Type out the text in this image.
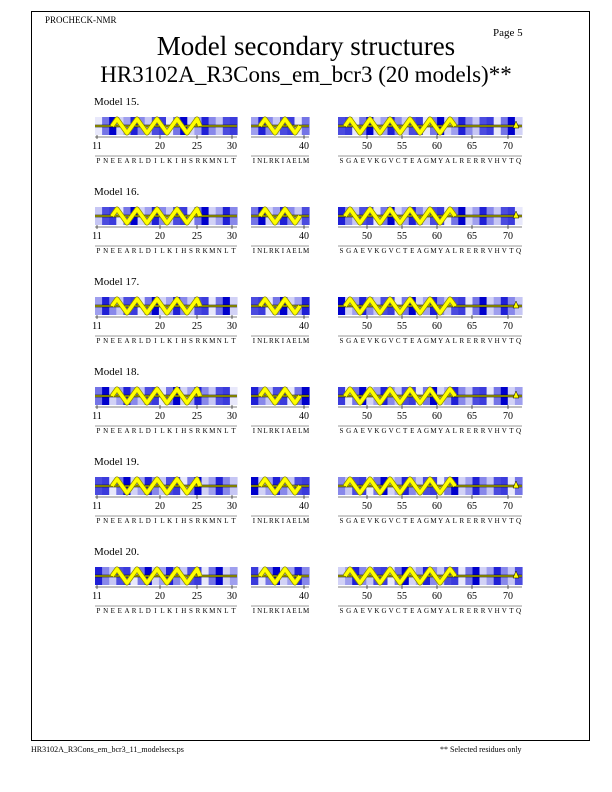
PROCHECK-NMR
Page 5
Model secondary structures
HR3102A_R3Cons_em_bcr3 (20 models)**
Model 15.
11	20	25	30
P N E E A R L D I L K I H S R K M N L T
40
I N L R K I A E L M
50	55	60	65	70
S G A E V K G V C T E A G M Y A L R E R R V H V T Q
Model 16.
11	20	25	30
P N E E A R L D I L K I H S R K M N L T
40
I N L R K I A E L M
50	55	60	65	70
S G A E V K G V C T E A G M Y A L R E R R V H V T Q
Model 17.
11	20	25	30
P N E E A R L D I L K I H S R K M N L T
40
I N L R K I A E L M
50	55	60	65	70
S G A E V K G V C T E A G M Y A L R E R R V H V T Q
Model 18.
11	20	25	30
P N E E A R L D I L K I H S R K M N L T
40
I N L R K I A E L M
50	55	60	65	70
S G A E V K G V C T E A G M Y A L R E R R V H V T Q
Model 19.
11	20	25	30
P N E E A R L D I L K I H S R K M N L T
40
I N L R K I A E L M
50	55	60	65	70
S G A E V K G V C T E A G M Y A L R E R R V H V T Q
Model 20.
11	20	25	30
P N E E A R L D I L K I H S R K M N L T
40
I N L R K I A E L M
50	55	60	65	70
S G A E V K G V C T E A G M Y A L R E R R V H V T Q
HR3102A_R3Cons_em_bcr3_11_modelsecs.ps	** Selected residues only
